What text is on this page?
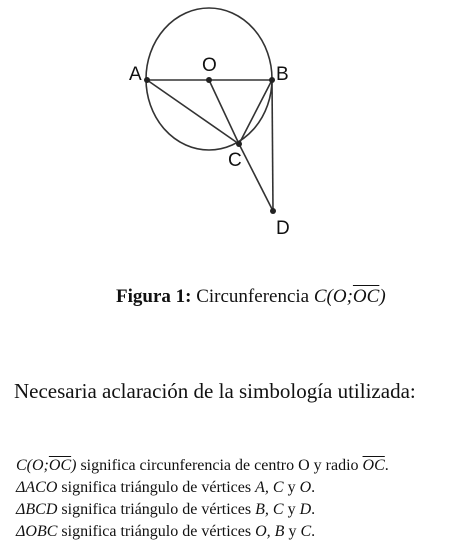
A	O	B
C
D
Figura 1: Circunferencia $C(O;\overline{OC})$
Necesaria aclaración de la simbología utilizada:
$C(O;\overline{OC})$ significa circunferencia de centro O y radio $\overline{OC}$.
ΔACO significa triángulo de vértices A, C y O.
ΔBCD significa triángulo de vértices B, C y D.
ΔOBC significa triángulo de vértices O, B y C.
